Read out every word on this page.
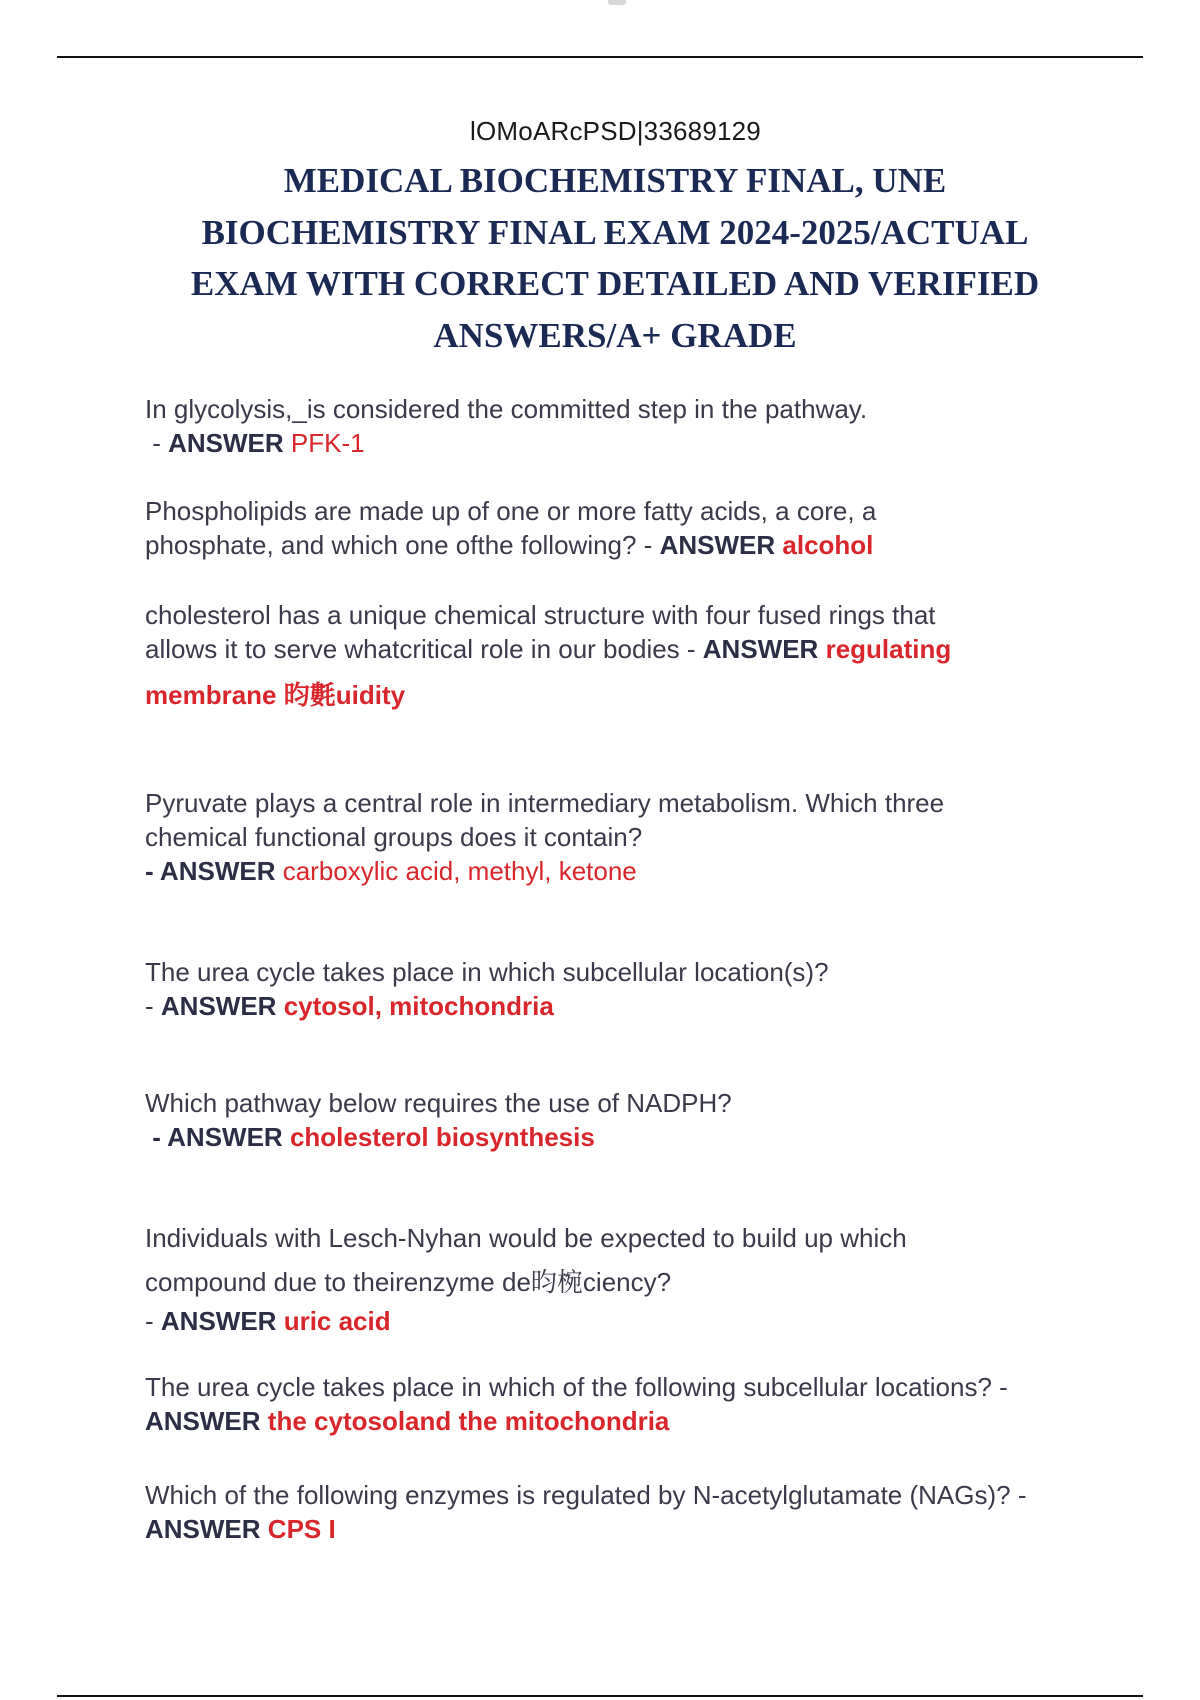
lOMoARcPSD|33689129
MEDICAL BIOCHEMISTRY FINAL, UNE
BIOCHEMISTRY FINAL EXAM 2024-2025/ACTUAL
EXAM WITH CORRECT DETAILED AND VERIFIED
ANSWERS/A+ GRADE
In glycolysis,_is considered the committed step in the pathway.
- ANSWER PFK-1
Phospholipids are made up of one or more fatty acids, a core, a
phosphate, and which one ofthe following? - ANSWER alcohol
cholesterol has a unique chemical structure with four fused rings that
allows it to serve whatcritical role in our bodies - ANSWER regulating
membrane 昀氀uidity
Pyruvate plays a central role in intermediary metabolism. Which three
chemical functional groups does it contain?
- ANSWER carboxylic acid, methyl, ketone
The urea cycle takes place in which subcellular location(s)?
- ANSWER cytosol, mitochondria
Which pathway below requires the use of NADPH?
- ANSWER cholesterol biosynthesis
Individuals with Lesch-Nyhan would be expected to build up which
compound due to theirenzyme de昀椀ciency?
- ANSWER uric acid
The urea cycle takes place in which of the following subcellular locations? -
ANSWER the cytosoland the mitochondria
Which of the following enzymes is regulated by N-acetylglutamate (NAGs)? -
ANSWER CPS I
